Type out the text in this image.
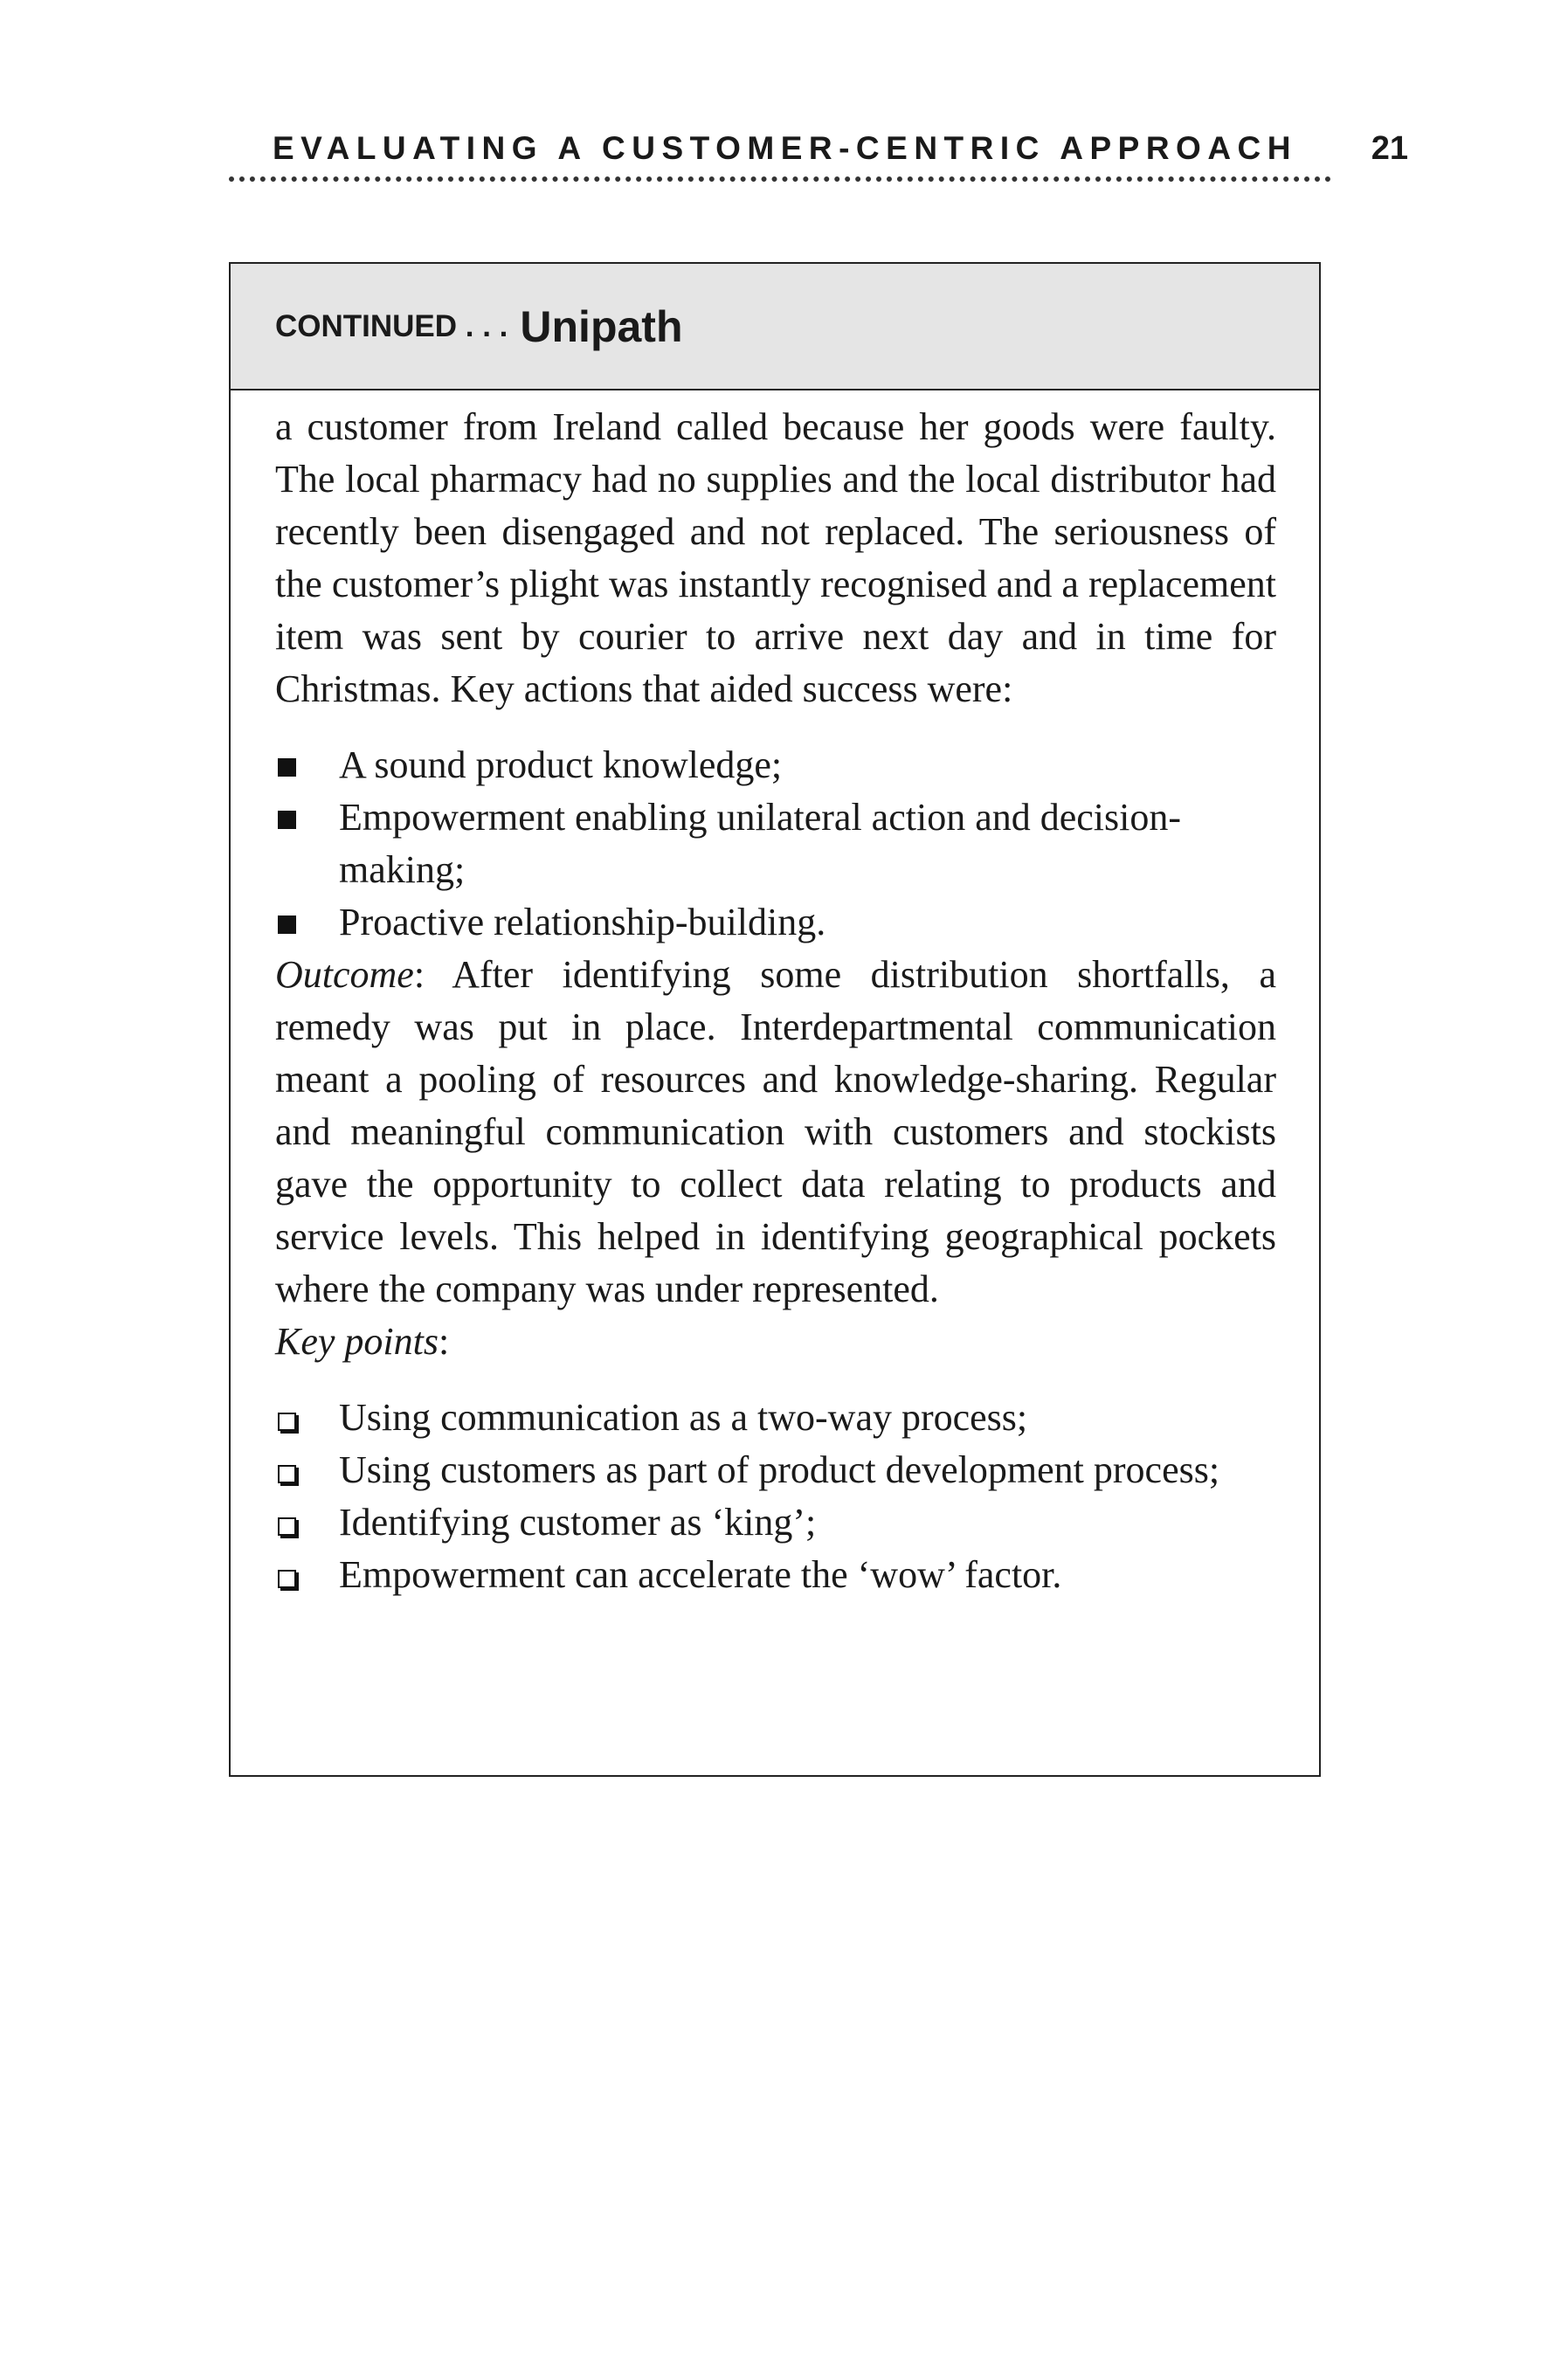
EVALUATING A CUSTOMER-CENTRIC APPROACH 21
CONTINUED . . . Unipath

a customer from Ireland called because her goods were faulty. The local pharmacy had no supplies and the local distributor had recently been disengaged and not replaced. The seriousness of the customer’s plight was instantly recognised and a replacement item was sent by courier to arrive next day and in time for Christmas. Key actions that aided success were:

A sound product knowledge;
Empowerment enabling unilateral action and decision-making;
Proactive relationship-building.

Outcome: After identifying some distribution shortfalls, a remedy was put in place. Interdepartmental communication meant a pooling of resources and knowledge-sharing. Regular and meaningful communication with customers and stockists gave the opportunity to collect data relating to products and service levels. This helped in identifying geographical pockets where the company was under represented.

Key points:

Using communication as a two-way process;
Using customers as part of product development process;
Identifying customer as ‘king’;
Empowerment can accelerate the ‘wow’ factor.
